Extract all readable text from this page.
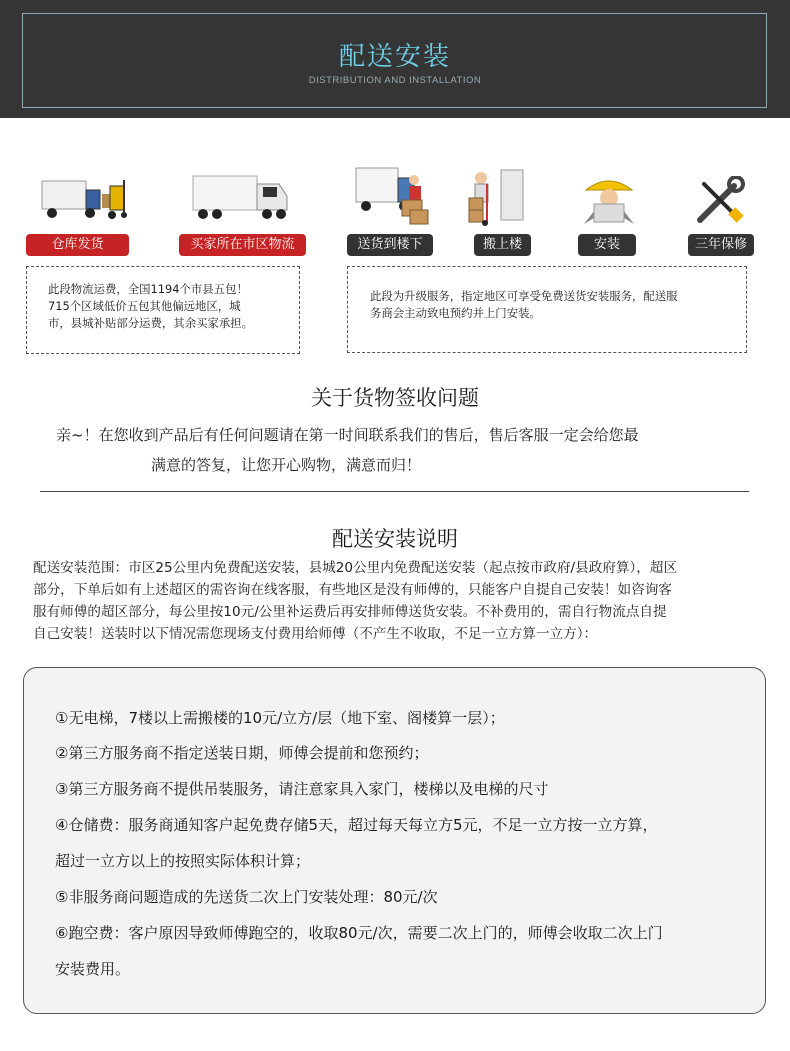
配送安装
DISTRIBUTION AND INSTALLATION
仓库发货	买家所在市区物流	送货到楼下	搬上楼	安装	三年保修
此段物流运费，全国1194个市县五包！
715个区域低价五包其他偏远地区，城
市，县城补贴部分运费，其余买家承担。
此段为升级服务，指定地区可享受免费送货安装服务，配送服
务商会主动致电预约并上门安装。
关于货物签收问题
亲~！在您收到产品后有任何问题请在第一时间联系我们的售后，售后客服一定会给您最
满意的答复，让您开心购物，满意而归！
配送安装说明
配送安装范围：市区25公里内免费配送安装，县城20公里内免费配送安装（起点按市政府/县政府算），超区
部分，下单后如有上述超区的需咨询在线客服，有些地区是没有师傅的，只能客户自提自己安装！如咨询客
服有师傅的超区部分，每公里按10元/公里补运费后再安排师傅送货安装。不补费用的，需自行物流点自提
自己安装！送装时以下情况需您现场支付费用给师傅（不产生不收取，不足一立方算一立方）：
①无电梯，7楼以上需搬楼的10元/立方/层（地下室、阁楼算一层）；
②第三方服务商不指定送装日期，师傅会提前和您预约；
③第三方服务商不提供吊装服务，请注意家具入家门，楼梯以及电梯的尺寸
④仓储费：服务商通知客户起免费存储5天，超过每天每立方5元，不足一立方按一立方算，
超过一立方以上的按照实际体积计算；
⑤非服务商问题造成的先送货二次上门安装处理：80元/次
⑥跑空费：客户原因导致师傅跑空的，收取80元/次，需要二次上门的，师傅会收取二次上门
安装费用。
